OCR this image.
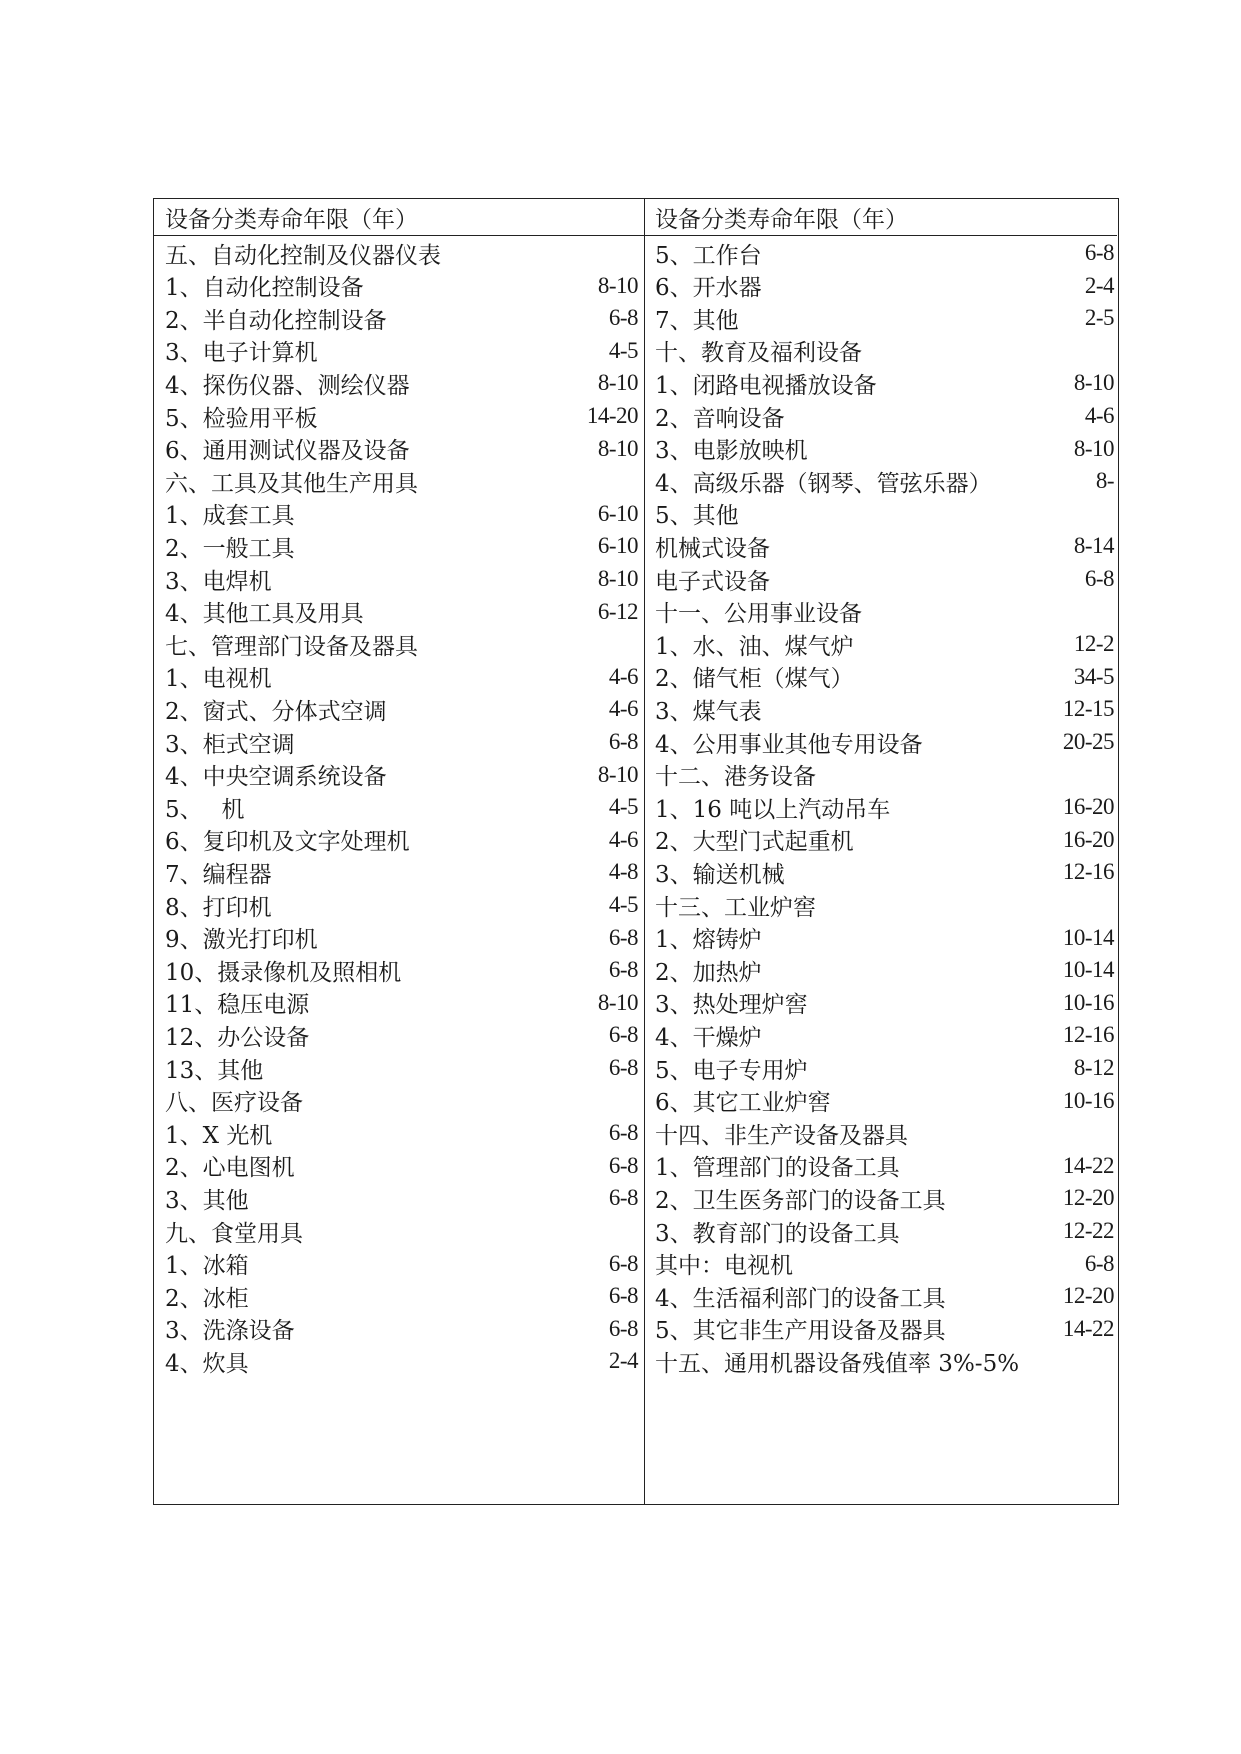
设备分类寿命年限（年）
五、自动化控制及仪器仪表
1、自动化控制设备	8-10
2、半自动化控制设备	6-8
3、电子计算机	4-5
4、探伤仪器、测绘仪器	8-10
5、检验用平板	14-20
6、通用测试仪器及设备	8-10
六、工具及其他生产用具
1、成套工具	6-10
2、一般工具	6-10
3、电焊机	8-10
4、其他工具及用具	6-12
七、管理部门设备及器具
1、电视机	4-6
2、窗式、分体式空调	4-6
3、柜式空调	6-8
4、中央空调系统设备	8-10
5、　 机	4-5
6、复印机及文字处理机	4-6
7、编程器	4-8
8、打印机	4-5
9、激光打印机	6-8
10、摄录像机及照相机	6-8
11、稳压电源	8-10
12、办公设备	6-8
13、其他	6-8
八、医疗设备
1、X 光机	6-8
2、心电图机	6-8
3、其他	6-8
九、食堂用具
1、冰箱	6-8
2、冰柜	6-8
3、洗涤设备	6-8
4、炊具	2-4
设备分类寿命年限（年）
5、工作台	6-8
6、开水器	2-4
7、其他	2-5
十、教育及福利设备
1、闭路电视播放设备	8-10
2、音响设备	4-6
3、电影放映机	8-10
4、高级乐器（钢琴、管弦乐器）	8-
5、其他
机械式设备	8-14
电子式设备	6-8
十一、公用事业设备
1、水、油、煤气炉	12-2
2、储气柜（煤气）	34-5
3、煤气表	12-15
4、公用事业其他专用设备	20-25
十二、港务设备
1、16 吨以上汽动吊车	16-20
2、大型门式起重机	16-20
3、输送机械	12-16
十三、工业炉窖
1、熔铸炉	10-14
2、加热炉	10-14
3、热处理炉窖	10-16
4、干燥炉	12-16
5、电子专用炉	8-12
6、其它工业炉窖	10-16
十四、非生产设备及器具
1、管理部门的设备工具	14-22
2、卫生医务部门的设备工具	12-20
3、教育部门的设备工具	12-22
其中：电视机	6-8
4、生活福利部门的设备工具	12-20
5、其它非生产用设备及器具	14-22
十五、通用机器设备残值率 3%-5%
